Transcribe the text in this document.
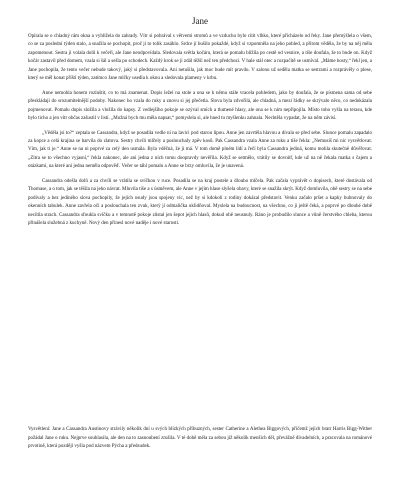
Jane

Opírala se o chladný rám okna a vyhlížela do zahrady. Vítr si pohrával s větvemi stromů a ve vzduchu bylo cítit vlhko, které přicházelo od řeky. Jane přemýšlela o všem, co se za poslední týden stalo, a snažila se pochopit, proč ji to tolik zasáhlo. Srdce jí bušilo pokaždé, když si vzpomněla na jeho pohled, a přitom věděla, že by na něj měla zapomenout. Sestra ji volala dolů k večeři, ale Jane neodpovídala. Sledovala světla kočáru, která se pomalu blížila po cestě od vesnice, a tiše doufala, že to bude on. Když kočár zastavil před domem, vzala si šál a sešla po schodech. Každý krok se jí zdál těžší než ten předchozí. V hale stál otec a rozpačitě se usmíval. „Máme hosty,“ řekl jen, a Jane pochopila, že tento večer nebude takový, jaký si představovala. Ani netušila, jak moc bude mít pravdu. V salonu už seděla matka se sestrami a rozprávěly o plese, který se měl konat příští týden, zatímco Jane mlčky usedla k oknu a sledovala plameny v krbu.

Anne nemohla honem rozluštit, co to má znamenat. Dopis ležel na stole a ona se k němu stále vracela pohledem, jako by doufala, že se písmena sama od sebe přeskládají do srozumitelnější podoby. Nakonec ho vzala do ruky a znovu si jej přečetla. Slova byla zdvořilá, ale chladná, a mezi řádky se skrývalo něco, co nedokázala pojmenovat. Pomalu dopis složila a vložila do kapsy. Z vedlejšího pokoje se ozýval smích a tlumené hlasy, ale ona se k nim nepřipojila. Místo toho vyšla na terasu, kde bylo ticho a jen vítr občas zašustil v listí. „Možná bych mu měla napsat,“ pomyslela si, ale hned tu myšlenku zahnala. Nechtěla vypadat, že na něm závisí.

„Věděla jsi to?“ zeptala se Cassandra, když se posadila vedle ní na lavici pod starou lípou. Anne jen zavrtěla hlavou a dívala se před sebe. Slunce pomalu zapadalo za kopce a celá krajina se barvila do zlatova. Sestry chvíli mlčely a poslouchaly zpěv kosů. Pak Cassandra vzala Anne za ruku a tiše řekla: „Nemusíš mi nic vysvětlovat. Vím, jak ti je.“ Anne se na ni poprvé za celý den usmála. Byla vděčná, že ji má. V tom domě plném lidí a řečí byla Cassandra jediná, komu mohla skutečně důvěřovat. „Zítra se to všechno vyjasní,“ řekla nakonec, ale ani jedna z nich tomu doopravdy nevěřila. Když se setmělo, vrátily se dovnitř, kde už na ně čekala matka s čajem a otázkami, na které ani jedna neměla odpověď. Večer se táhl pomalu a Anne se brzy omluvila, že je unavená.

Cassandra odešla dolů a za chvíli se vrátila se svíčkou v ruce. Posadila se na kraj postele a dlouho mlčela. Pak začala vyprávět o dopisech, které dostávala od Thomase, a o tom, jak se těšila na jeho návrat. Mluvila tiše a s úsměvem, ale Anne v jejím hlase slyšela obavy, které se snažila skrýt. Když domluvila, obě sestry se na sebe podívaly a bez jediného slova pochopily, že jejich osudy jsou spojeny víc, než by si kdokoli z rodiny dokázal představit. Venku začalo pršet a kapky bubnovaly do okenních tabulek. Anne zavřela oči a poslouchala ten zvuk, který ji odmalička uklidňoval. Myslela na budoucnost, na všechno, co ji ještě čeká, a poprvé po dlouhé době necítila strach. Cassandra sfoukla svíčku a v temnotě pokoje zůstal jen šepot jejich hlasů, dokud obě neusnuly. Ráno je probudilo slunce a vůně čerstvého chleba, kterou přinášela služebná z kuchyně. Nový den přinesl nové naděje i nové starosti.

Vysvětlení: Jane a Cassandra Austinovy strávily několik dní u svých blízkých příbuzných, sester Catherine a Alethea Biggových, přičemž jejich bratr Harris Bigg-Wither požádal Jane o ruku. Nejprve souhlasila, ale den na to zasnoubení zrušila. V té době měla za sebou již několik menších děl, převážně dívadelních, a pracovala na románové prvotině, která později vyšla pod názvem Pýcha a předsudek.
